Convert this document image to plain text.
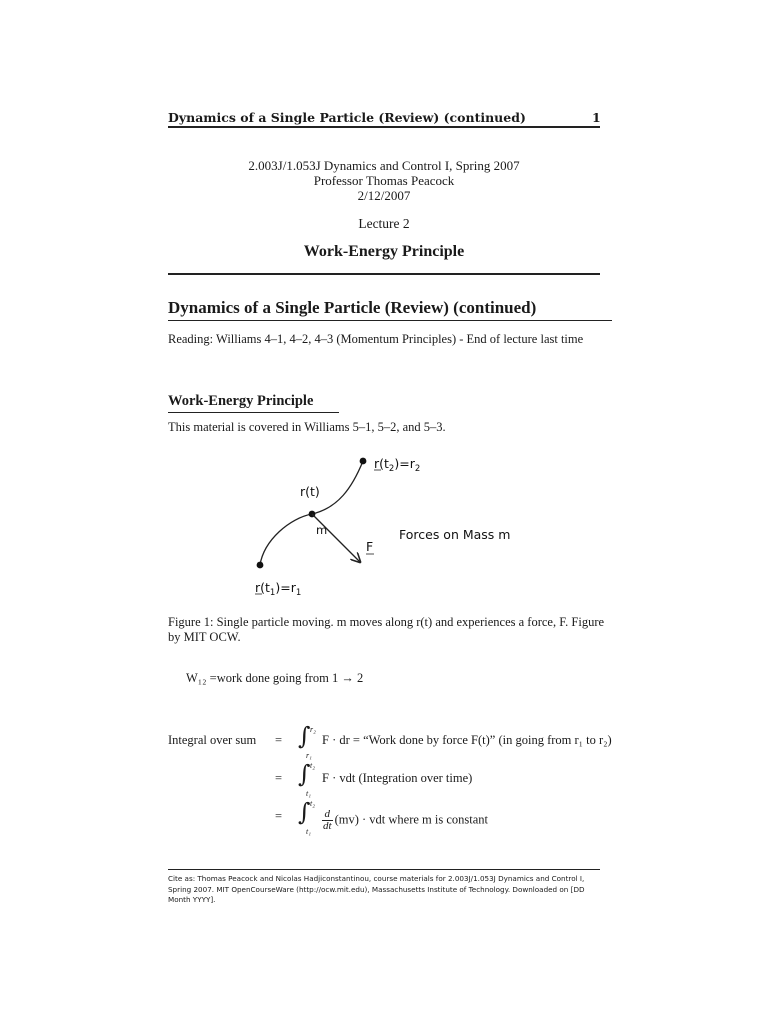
Dynamics of a Single Particle (Review) (continued)	1
2.003J/1.053J Dynamics and Control I, Spring 2007
Professor Thomas Peacock
2/12/2007
Lecture 2
Work-Energy Principle
Dynamics of a Single Particle (Review) (continued)
Reading: Williams 4–1, 4–2, 4–3 (Momentum Principles) - End of lecture last time
Work-Energy Principle
This material is covered in Williams 5–1, 5–2, and 5–3.
$r(t_2)=r_2$
r(t)
m	Forces on Mass m
F
$r(t_1)=r_1$
Figure 1: Single particle moving. m moves along r(t) and experiences a force, F. Figure by MIT OCW.
W₁₂ =work done going from 1 → 2
Integral over sum =
=
=
∫
∫
∫
r₂
r₁
t₂
t₁
t₂
t₁
F · dr = “Work done by force F(t)” (in going from r₁ to r₂)
F · vdt (Integration over time)
$\frac{d}{dt} (mv)$ · vdt where m is constant
Cite as: Thomas Peacock and Nicolas Hadjiconstantinou, course materials for 2.003J/1.053J Dynamics and Control I, Spring 2007. MIT OpenCourseWare (http://ocw.mit.edu), Massachusetts Institute of Technology. Downloaded on [DD Month YYYY].
